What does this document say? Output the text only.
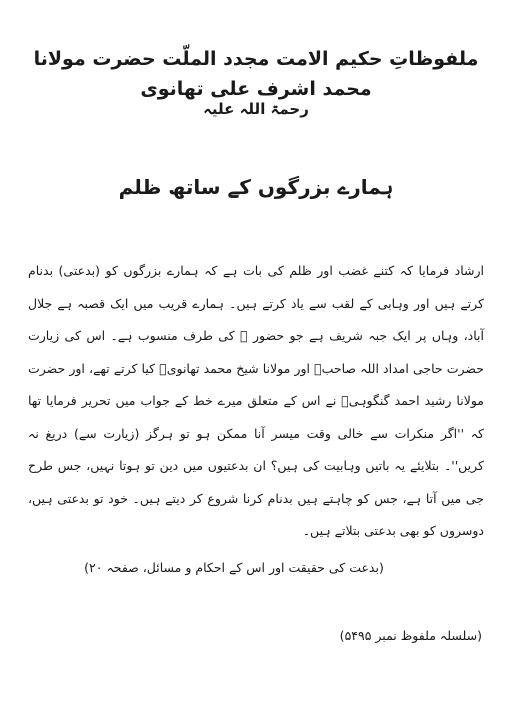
ملفوظاتِ حکیم الامت مجدد الملّت حضرت مولانا محمد اشرف علی تھانوی
رحمۃ اللہ علیہ
ہمارے بزرگوں کے ساتھ ظلم

ارشاد فرمایا کہ کتنے غضب اور ظلم کی بات ہے کہ ہمارے بزرگوں کو (بدعتی) بدنام کرتے ہیں اور وہابی کے لقب سے یاد کرتے ہیں۔ ہمارے قریب میں ایک قصبہ ہے جلال آباد، وہاں پر ایک جبہ شریف ہے جو حضور ﷺ کی طرف منسوب ہے۔ اس کی زیارت حضرت حاجی امداد اللہ صاحبؒ اور مولانا شیخ محمد تھانویؒ کیا کرتے تھے، اور حضرت مولانا رشید احمد گنگوہیؒ نے اس کے متعلق میرے خط کے جواب میں تحریر فرمایا تھا کہ ''اگر منکرات سے خالی وقت میسر آنا ممکن ہو تو ہرگز (زیارت سے) دریغ نہ کریں''۔ بتلایئے یہ باتیں وہابیت کی ہیں؟ ان بدعتیوں میں دین تو ہوتا نہیں، جس طرح جی میں آتا ہے، جس کو چاہتے ہیں بدنام کرنا شروع کر دیتے ہیں۔ خود تو بدعتی ہیں، دوسروں کو بھی بدعتی بتلاتے ہیں۔

(بدعت کی حقیقت اور اس کے احکام و مسائل، صفحہ ۲۰)

(سلسلہ ملفوظ نمبر ۵۴۹۵)
